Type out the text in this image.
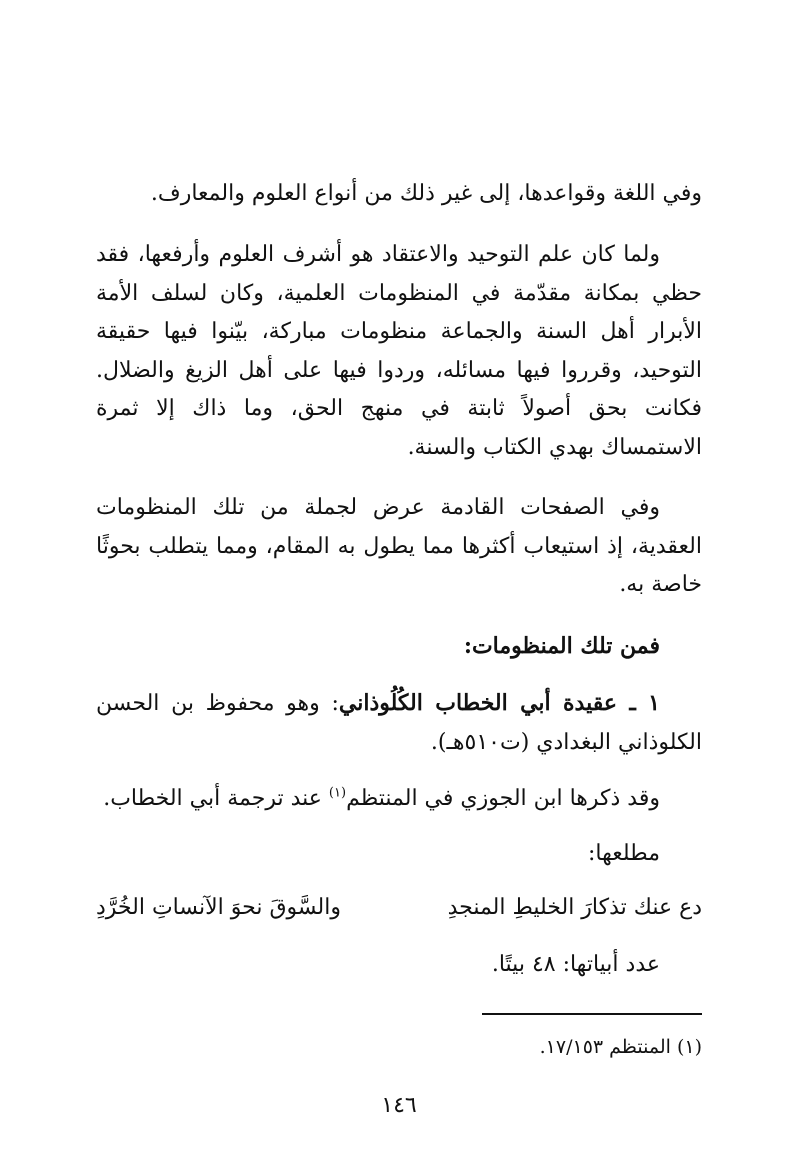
وفي اللغة وقواعدها، إلى غير ذلك من أنواع العلوم والمعارف.

ولما كان علم التوحيد والاعتقاد هو أشرف العلوم وأرفعها، فقد حظي بمكانة مقدّمة في المنظومات العلمية، وكان لسلف الأمة الأبرار أهل السنة والجماعة منظومات مباركة، بيّنوا فيها حقيقة التوحيد، وقرروا فيها مسائله، وردوا فيها على أهل الزيغ والضلال. فكانت بحق أصولاً ثابتة في منهج الحق، وما ذاك إلا ثمرة الاستمساك بهدي الكتاب والسنة.

وفي الصفحات القادمة عرض لجملة من تلك المنظومات العقدية، إذ استيعاب أكثرها مما يطول به المقام، ومما يتطلب بحوثًا خاصة به.

فمن تلك المنظومات:

١ ـ عقيدة أبي الخطاب الكُلُوذاني: وهو محفوظ بن الحسن الكلوذاني البغدادي (ت٥١٠هـ).

وقد ذكرها ابن الجوزي في المنتظم$^{(١)}$ عند ترجمة أبي الخطاب.

مطلعها:

دع عنك تذكارَ الخليطِ المنجدِ
والسَّوقَ نحوَ الآنساتِ الخُرَّدِ

عدد أبياتها: ٤٨ بيتًا.

(١) المنتظم ١٧/١٥٣.
١٤٦
